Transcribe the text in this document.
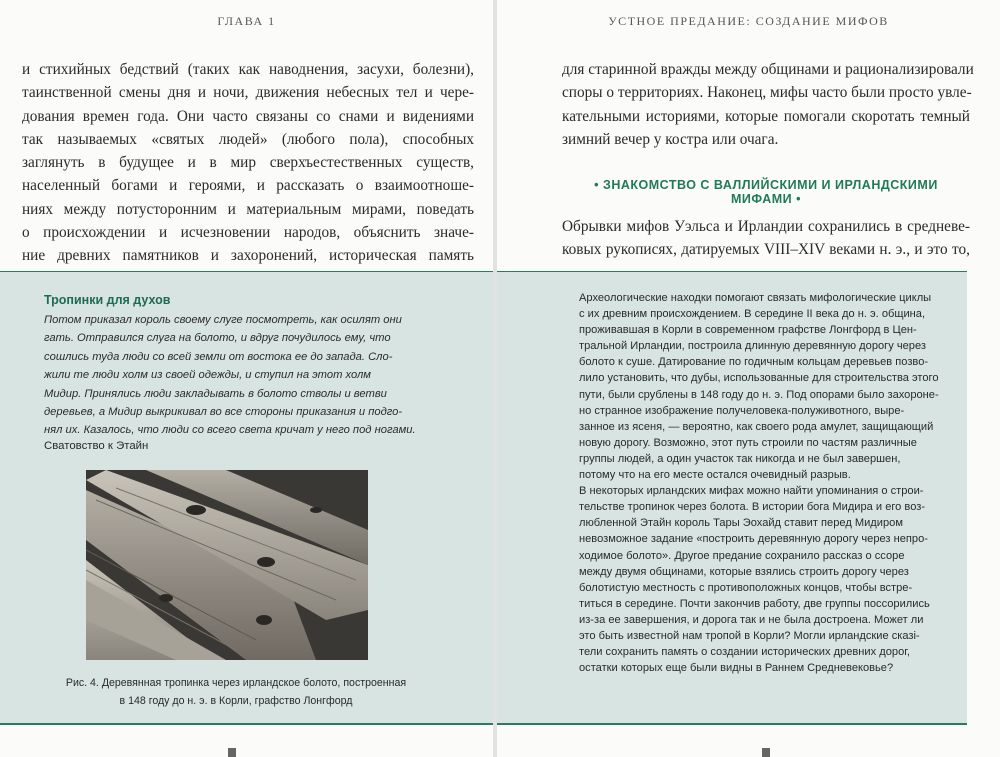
ГЛАВА 1
и стихийных бедствий (таких как наводнения, засухи, болезни),
таинственной смены дня и ночи, движения небесных тел и чере-
дования времен года. Они часто связаны со снами и видениями
так называемых «святых людей» (любого пола), способных
заглянуть в будущее и в мир сверхъестественных существ,
населенный богами и героями, и рассказать о взаимоотноше-
ниях между потусторонним и материальным мирами, поведать
о происхождении и исчезновении народов, объяснить значе-
ние древних памятников и захоронений, историческая память
Тропинки для духов
Потом приказал король своему слуге посмотреть, как осилят они
гать. Отправился слуга на болото, и вдруг почудилось ему, что
сошлись туда люди со всей земли от востока ее до запада. Сло-
жили те люди холм из своей одежды, и ступил на этот холм
Мидир. Принялись люди закладывать в болото стволы и ветви
деревьев, а Мидир выкрикивал во все стороны приказания и подго-
нял их. Казалось, что люди со всего света кричат у него под ногами.
Сватовство к Этайн
Рис. 4. Деревянная тропинка через ирландское болото, построенная
в 148 году до н. э. в Корли, графство Лонгфорд
УСТНОЕ ПРЕДАНИЕ: СОЗДАНИЕ МИФОВ
для старинной вражды между общинами и рационализировали
споры о территориях. Наконец, мифы часто были просто увле-
кательными историями, которые помогали скоротать темный
зимний вечер у костра или очага.
• ЗНАКОМСТВО С ВАЛЛИЙСКИМИ И ИРЛАНДСКИМИ МИФАМИ •
Обрывки мифов Уэльса и Ирландии сохранились в средневе-
ковых рукописях, датируемых VIII–XIV веками н. э., и это то,
Археологические находки помогают связать мифологические циклы
с их древним происхождением. В середине II века до н. э. община,
проживавшая в Корли в современном графстве Лонгфорд в Цен-
тральной Ирландии, построила длинную деревянную дорогу через
болото к суше. Датирование по годичным кольцам деревьев позво-
лило установить, что дубы, использованные для строительства этого
пути, были срублены в 148 году до н. э. Под опорами было захороне-
но странное изображение получеловека-полуживотного, выре-
занное из ясеня, — вероятно, как своего рода амулет, защищающий
новую дорогу. Возможно, этот путь строили по частям различные
группы людей, а один участок так никогда и не был завершен,
потому что на его месте остался очевидный разрыв.
В некоторых ирландских мифах можно найти упоминания о строи-
тельстве тропинок через болота. В истории бога Мидира и его воз-
любленной Этайн король Тары Эохайд ставит перед Мидиром
невозможное задание «построить деревянную дорогу через непро-
ходимое болото». Другое предание сохранило рассказ о ссоре
между двумя общинами, которые взялись строить дорогу через
болотистую местность с противоположных концов, чтобы встре-
титься в середине. Почти закончив работу, две группы поссорились
из-за ее завершения, и дорога так и не была достроена. Может ли
это быть известной нам тропой в Корли? Могли ирландские сказі-
тели сохранить память о создании исторических древних дорог,
остатки которых еще были видны в Раннем Средневековье?
